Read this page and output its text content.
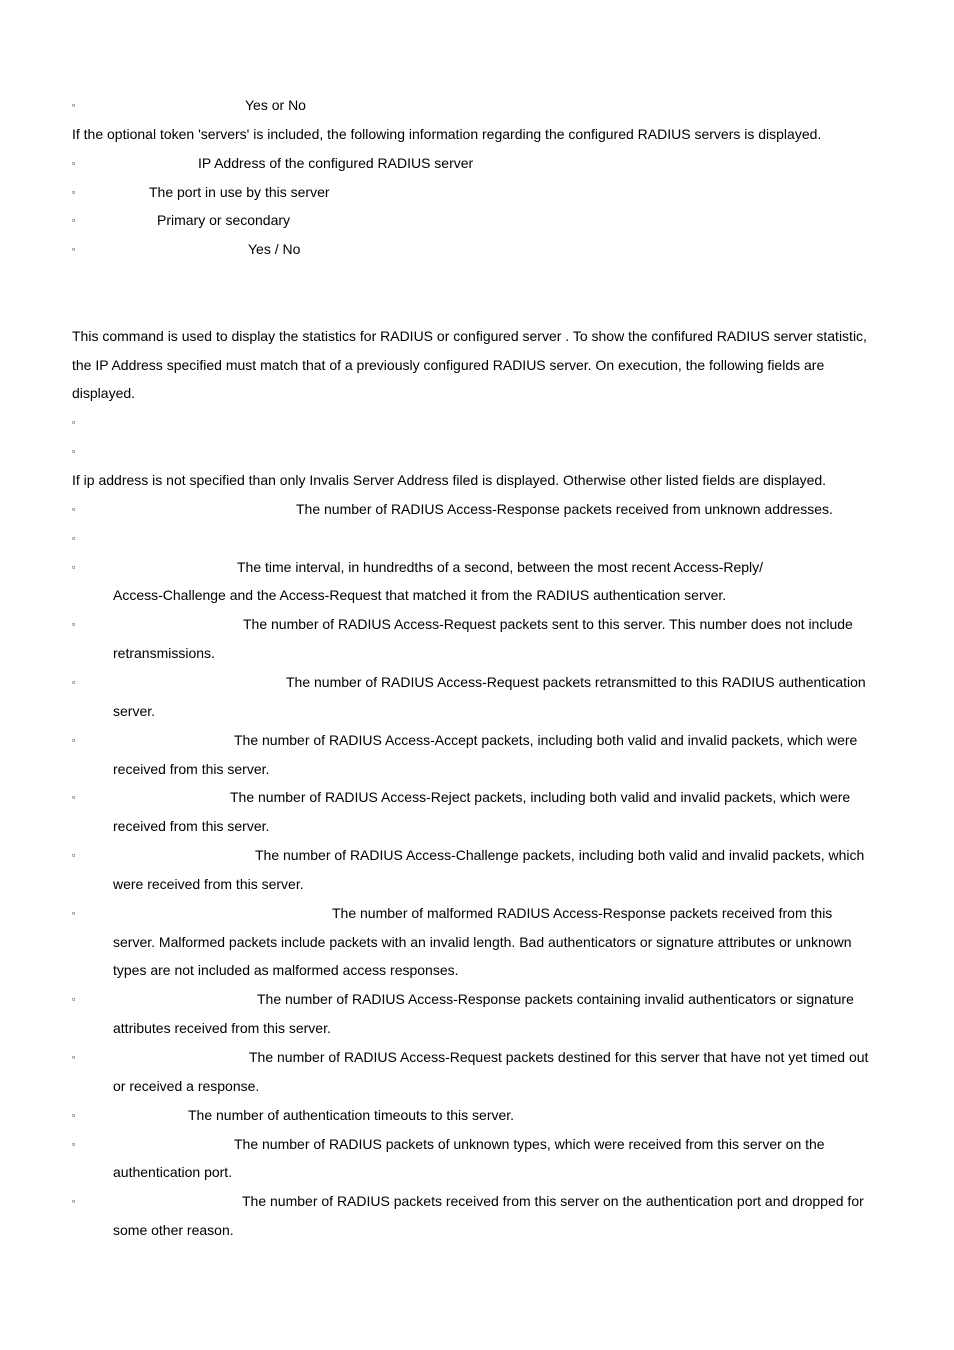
▫	Yes or No
If the optional token 'servers' is included, the following information regarding the configured RADIUS servers is displayed.
▫	IP Address of the configured RADIUS server
▫	The port in use by this server
▫	Primary or secondary
▫	Yes / No
This command is used to display the statistics for RADIUS or configured server . To show the confifured RADIUS server statistic,
the IP Address specified must match that of a previously configured RADIUS server. On execution, the following fields are
displayed.
▫
▫
If ip address is not specified than only Invalis Server Address filed is displayed. Otherwise other listed fields are displayed.
▫	The number of RADIUS Access-Response packets received from unknown addresses.
▫
▫	The time interval, in hundredths of a second, between the most recent Access-Reply/
Access-Challenge and the Access-Request that matched it from the RADIUS authentication server.
▫	The number of RADIUS Access-Request packets sent to this server. This number does not include
retransmissions.
▫	The number of RADIUS Access-Request packets retransmitted to this RADIUS authentication
server.
▫	The number of RADIUS Access-Accept packets, including both valid and invalid packets, which were
received from this server.
▫	The number of RADIUS Access-Reject packets, including both valid and invalid packets, which were
received from this server.
▫	The number of RADIUS Access-Challenge packets, including both valid and invalid packets, which
were received from this server.
▫	The number of malformed RADIUS Access-Response packets received from this
server. Malformed packets include packets with an invalid length. Bad authenticators or signature attributes or unknown
types are not included as malformed access responses.
▫	The number of RADIUS Access-Response packets containing invalid authenticators or signature
attributes received from this server.
▫	The number of RADIUS Access-Request packets destined for this server that have not yet timed out
or received a response.
▫	The number of authentication timeouts to this server.
▫	The number of RADIUS packets of unknown types, which were received from this server on the
authentication port.
▫	The number of RADIUS packets received from this server on the authentication port and dropped for
some other reason.
